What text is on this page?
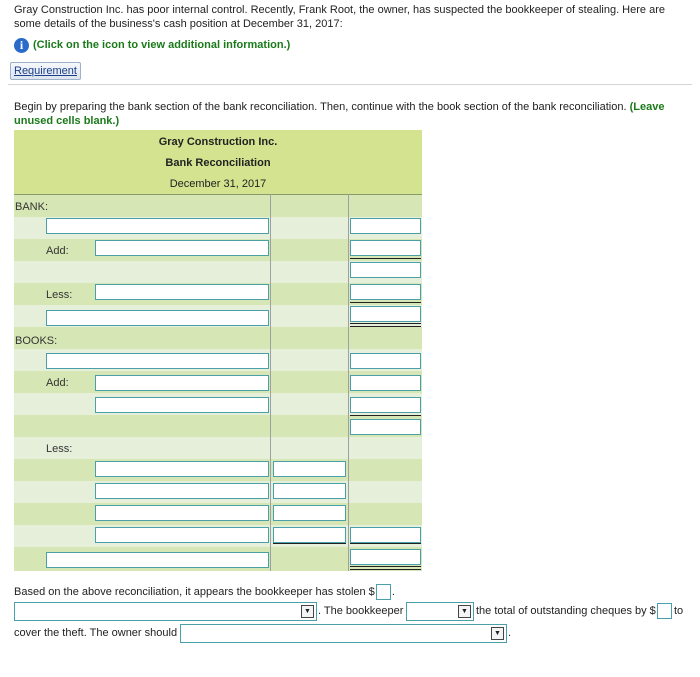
Gray Construction Inc. has poor internal control. Recently, Frank Root, the owner, has suspected the bookkeeper of stealing. Here are some details of the business's cash position at December 31, 2017:
i (Click on the icon to view additional information.)
Requirement
Begin by preparing the bank section of the bank reconciliation. Then, continue with the book section of the bank reconciliation. (Leave unused cells blank.)
Gray Construction Inc.
Bank Reconciliation
December 31, 2017
BANK:
Add:
Less:
BOOKS:
Add:
Less:
Based on the above reconciliation, it appears the bookkeeper has stolen $ .
▼ . The bookkeeper	▼ the total of outstanding cheques by $ to
cover the theft. The owner should	▼ .
